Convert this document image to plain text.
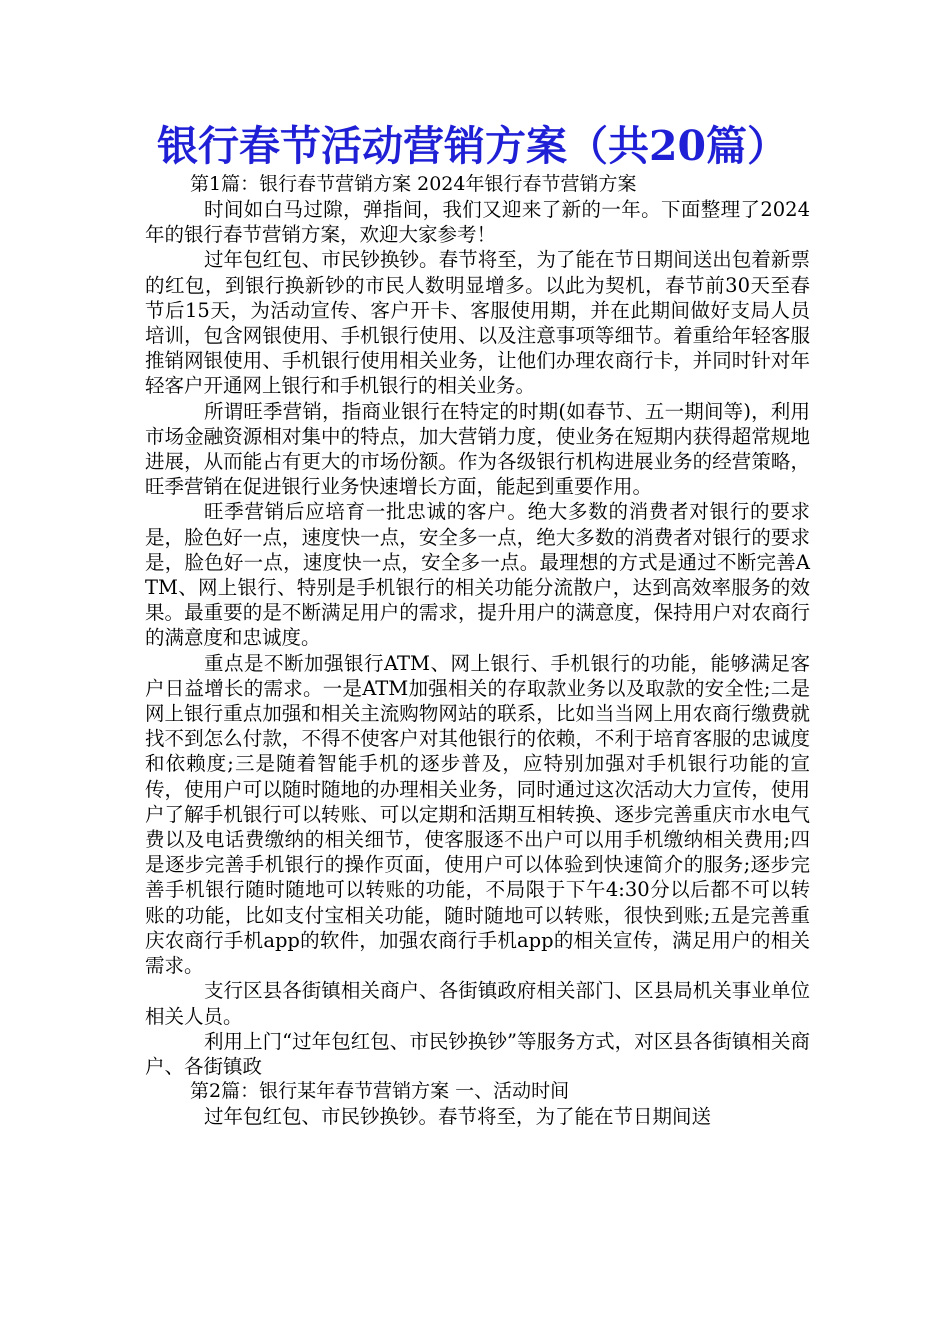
银行春节活动营销方案（共20篇）
第1篇：银行春节营销方案 2024年银行春节营销方案

时间如白马过隙，弹指间，我们又迎来了新的一年。下面整理了2024年的银行春节营销方案，欢迎大家参考！

过年包红包、市民钞换钞。春节将至，为了能在节日期间送出包着新票的红包，到银行换新钞的市民人数明显增多。以此为契机，春节前30天至春节后15天，为活动宣传、客户开卡、客服使用期，并在此期间做好支局人员培训，包含网银使用、手机银行使用、以及注意事项等细节。着重给年轻客服推销网银使用、手机银行使用相关业务，让他们办理农商行卡，并同时针对年轻客户开通网上银行和手机银行的相关业务。

所谓旺季营销，指商业银行在特定的时期(如春节、五一期间等)，利用市场金融资源相对集中的特点，加大营销力度，使业务在短期内获得超常规地进展，从而能占有更大的市场份额。作为各级银行机构进展业务的经营策略，旺季营销在促进银行业务快速增长方面，能起到重要作用。

旺季营销后应培育一批忠诚的客户。绝大多数的消费者对银行的要求是，脸色好一点，速度快一点，安全多一点，绝大多数的消费者对银行的要求是，脸色好一点，速度快一点，安全多一点。最理想的方式是通过不断完善ATM、网上银行、特别是手机银行的相关功能分流散户，达到高效率服务的效果。最重要的是不断满足用户的需求，提升用户的满意度，保持用户对农商行的满意度和忠诚度。

重点是不断加强银行ATM、网上银行、手机银行的功能，能够满足客户日益增长的需求。一是ATM加强相关的存取款业务以及取款的安全性;二是网上银行重点加强和相关主流购物网站的联系，比如当当网上用农商行缴费就找不到怎么付款，不得不使客户对其他银行的依赖，不利于培育客服的忠诚度和依赖度;三是随着智能手机的逐步普及，应特别加强对手机银行功能的宣传，使用户可以随时随地的办理相关业务，同时通过这次活动大力宣传，使用户了解手机银行可以转账、可以定期和活期互相转换、逐步完善重庆市水电气费以及电话费缴纳的相关细节，使客服逐不出户可以用手机缴纳相关费用;四是逐步完善手机银行的操作页面，使用户可以体验到快速简介的服务;逐步完善手机银行随时随地可以转账的功能，不局限于下午4:30分以后都不可以转账的功能，比如支付宝相关功能，随时随地可以转账，很快到账;五是完善重庆农商行手机app的软件，加强农商行手机app的相关宣传，满足用户的相关需求。

支行区县各街镇相关商户、各街镇政府相关部门、区县局机关事业单位相关人员。

利用上门“过年包红包、市民钞换钞”等服务方式，对区县各街镇相关商户、各街镇政

第2篇：银行某年春节营销方案 一、活动时间

过年包红包、市民钞换钞。春节将至，为了能在节日期间送
